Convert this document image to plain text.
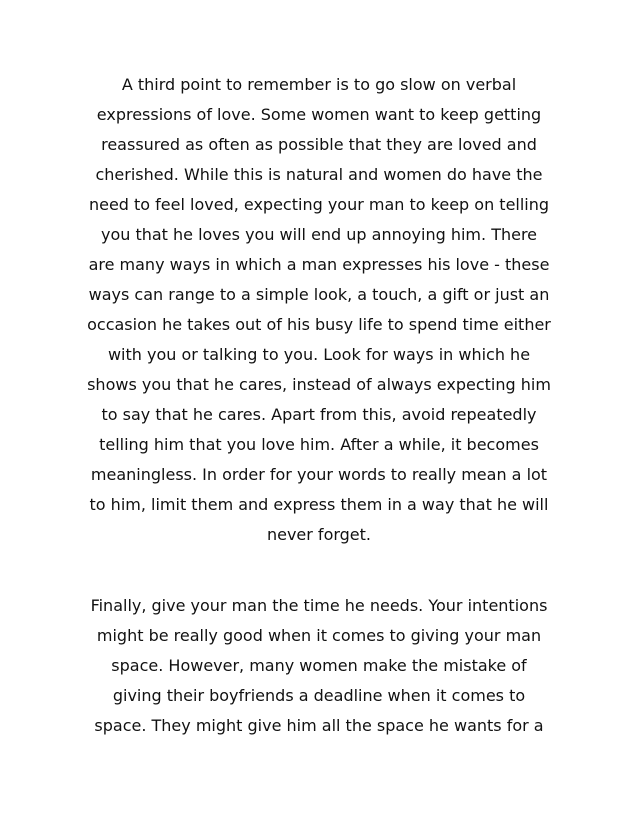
A third point to remember is to go slow on verbal
expressions of love. Some women want to keep getting
reassured as often as possible that they are loved and
cherished. While this is natural and women do have the
need to feel loved, expecting your man to keep on telling
you that he loves you will end up annoying him. There
are many ways in which a man expresses his love - these
ways can range to a simple look, a touch, a gift or just an
occasion he takes out of his busy life to spend time either
with you or talking to you. Look for ways in which he
shows you that he cares, instead of always expecting him
to say that he cares. Apart from this, avoid repeatedly
telling him that you love him. After a while, it becomes
meaningless. In order for your words to really mean a lot
to him, limit them and express them in a way that he will
never forget.

Finally, give your man the time he needs. Your intentions
might be really good when it comes to giving your man
space. However, many women make the mistake of
giving their boyfriends a deadline when it comes to
space. They might give him all the space he wants for a
